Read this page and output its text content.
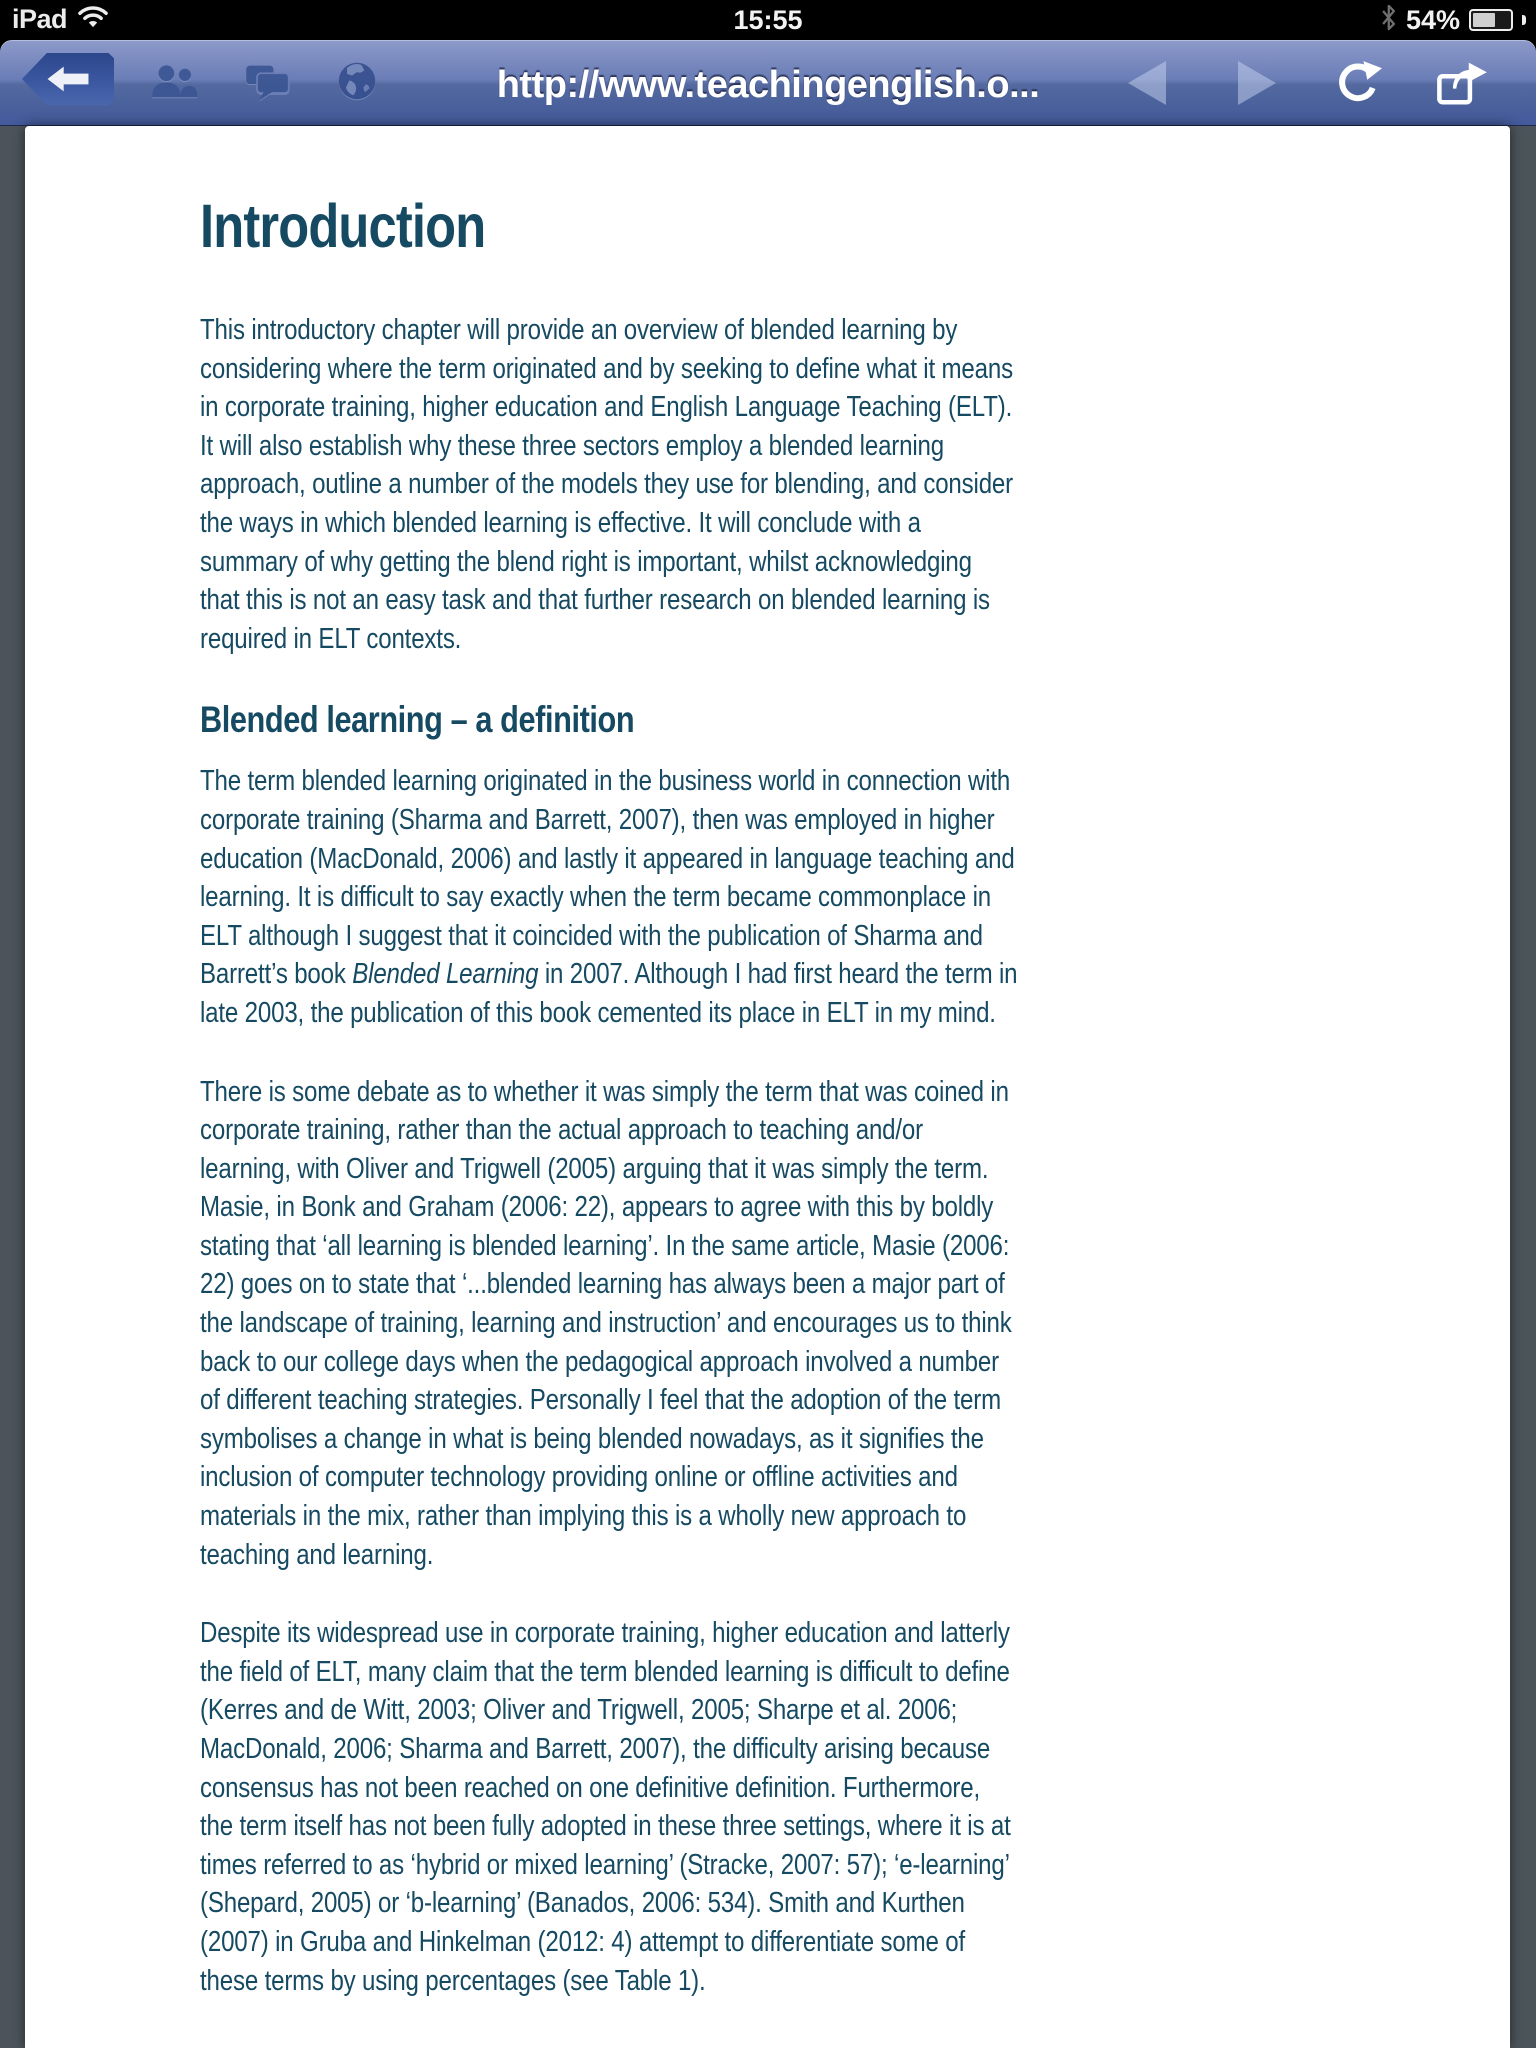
iPad	15:55	54%
http://www.teachingenglish.o...
Introduction

This introductory chapter will provide an overview of blended learning by considering where the term originated and by seeking to define what it means in corporate training, higher education and English Language Teaching (ELT). It will also establish why these three sectors employ a blended learning approach, outline a number of the models they use for blending, and consider the ways in which blended learning is effective. It will conclude with a summary of why getting the blend right is important, whilst acknowledging that this is not an easy task and that further research on blended learning is required in ELT contexts.

Blended learning – a definition

The term blended learning originated in the business world in connection with corporate training (Sharma and Barrett, 2007), then was employed in higher education (MacDonald, 2006) and lastly it appeared in language teaching and learning. It is difficult to say exactly when the term became commonplace in ELT although I suggest that it coincided with the publication of Sharma and Barrett’s book Blended Learning in 2007. Although I had first heard the term in late 2003, the publication of this book cemented its place in ELT in my mind.

There is some debate as to whether it was simply the term that was coined in corporate training, rather than the actual approach to teaching and/or learning, with Oliver and Trigwell (2005) arguing that it was simply the term. Masie, in Bonk and Graham (2006: 22), appears to agree with this by boldly stating that ‘all learning is blended learning’. In the same article, Masie (2006: 22) goes on to state that ‘...blended learning has always been a major part of the landscape of training, learning and instruction’ and encourages us to think back to our college days when the pedagogical approach involved a number of different teaching strategies. Personally I feel that the adoption of the term symbolises a change in what is being blended nowadays, as it signifies the inclusion of computer technology providing online or offline activities and materials in the mix, rather than implying this is a wholly new approach to teaching and learning.

Despite its widespread use in corporate training, higher education and latterly the field of ELT, many claim that the term blended learning is difficult to define (Kerres and de Witt, 2003; Oliver and Trigwell, 2005; Sharpe et al. 2006; MacDonald, 2006; Sharma and Barrett, 2007), the difficulty arising because consensus has not been reached on one definitive definition. Furthermore, the term itself has not been fully adopted in these three settings, where it is at times referred to as ‘hybrid or mixed learning’ (Stracke, 2007: 57); ‘e-learning’ (Shepard, 2005) or ‘b-learning’ (Banados, 2006: 534). Smith and Kurthen (2007) in Gruba and Hinkelman (2012: 4) attempt to differentiate some of these terms by using percentages (see Table 1).
